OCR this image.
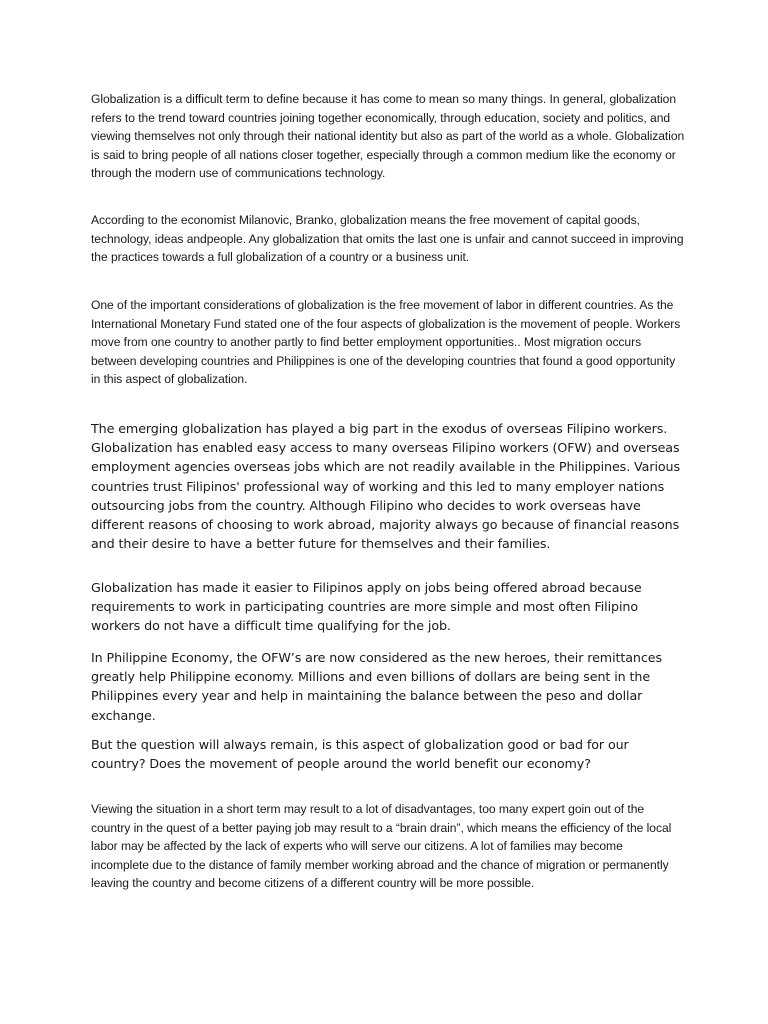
Globalization is a difficult term to define because it has come to mean so many things. In general, globalization refers to the trend toward countries joining together economically, through education, society and politics, and viewing themselves not only through their national identity but also as part of the world as a whole. Globalization is said to bring people of all nations closer together, especially through a common medium like the economy or through the modern use of communications technology.

According to the economist Milanovic, Branko, globalization means the free movement of capital goods, technology, ideas andpeople. Any globalization that omits the last one is unfair and cannot succeed in improving the practices towards a full globalization of a country or a business unit.

One of the important considerations of globalization is the free movement of labor in different countries. As the International Monetary Fund stated one of the four aspects of globalization is the movement of people. Workers move from one country to another partly to find better employment opportunities.. Most migration occurs between developing countries and Philippines is one of the developing countries that found a good opportunity in this aspect of globalization.

The emerging globalization has played a big part in the exodus of overseas Filipino workers. Globalization has enabled easy access to many overseas Filipino workers (OFW) and overseas employment agencies overseas jobs which are not readily available in the Philippines. Various countries trust Filipinos' professional way of working and this led to many employer nations outsourcing jobs from the country. Although Filipino who decides to work overseas have different reasons of choosing to work abroad, majority always go because of financial reasons and their desire to have a better future for themselves and their families.

Globalization has made it easier to Filipinos apply on jobs being offered abroad because requirements to work in participating countries are more simple and most often Filipino workers do not have a difficult time qualifying for the job.

In Philippine Economy, the OFW’s are now considered as the new heroes, their remittances greatly help Philippine economy. Millions and even billions of dollars are being sent in the Philippines every year and help in maintaining the balance between the peso and dollar exchange.

But the question will always remain, is this aspect of globalization good or bad for our country? Does the movement of people around the world benefit our economy?

Viewing the situation in a short term may result to a lot of disadvantages, too many expert goin out of the country in the quest of a better paying job may result to a “brain drain”, which means the efficiency of the local labor may be affected by the lack of experts who will serve our citizens. A lot of families may become incomplete due to the distance of family member working abroad and the chance of migration or permanently leaving the country and become citizens of a different country will be more possible.
